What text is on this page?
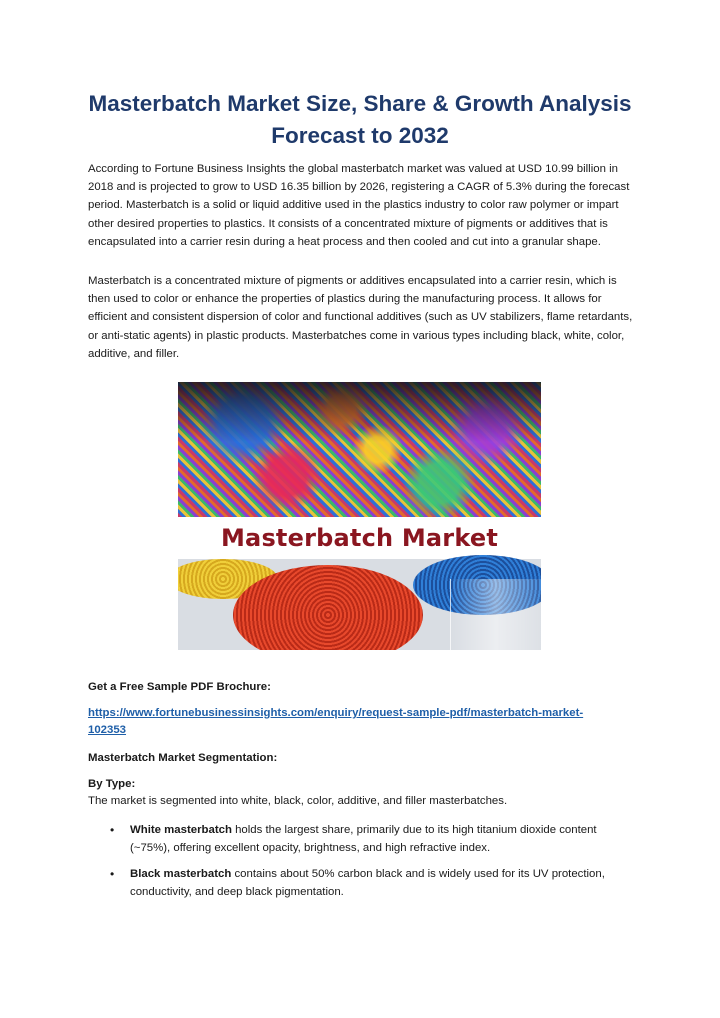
Masterbatch Market Size, Share & Growth Analysis
Forecast to 2032

According to Fortune Business Insights the global masterbatch market was valued at USD 10.99 billion in 2018 and is projected to grow to USD 16.35 billion by 2026, registering a CAGR of 5.3% during the forecast period. Masterbatch is a solid or liquid additive used in the plastics industry to color raw polymer or impart other desired properties to plastics. It consists of a concentrated mixture of pigments or additives that is encapsulated into a carrier resin during a heat process and then cooled and cut into a granular shape.

Masterbatch is a concentrated mixture of pigments or additives encapsulated into a carrier resin, which is then used to color or enhance the properties of plastics during the manufacturing process. It allows for efficient and consistent dispersion of color and functional additives (such as UV stabilizers, flame retardants, or anti-static agents) in plastic products. Masterbatches come in various types including black, white, color, additive, and filler.

Masterbatch Market

Get a Free Sample PDF Brochure:

https://www.fortunebusinessinsights.com/enquiry/request-sample-pdf/masterbatch-market-
102353

Masterbatch Market Segmentation:

By Type:

The market is segmented into white, black, color, additive, and filler masterbatches.

• White masterbatch holds the largest share, primarily due to its high titanium dioxide content (~75%), offering excellent opacity, brightness, and high refractive index.

• Black masterbatch contains about 50% carbon black and is widely used for its UV protection, conductivity, and deep black pigmentation.
